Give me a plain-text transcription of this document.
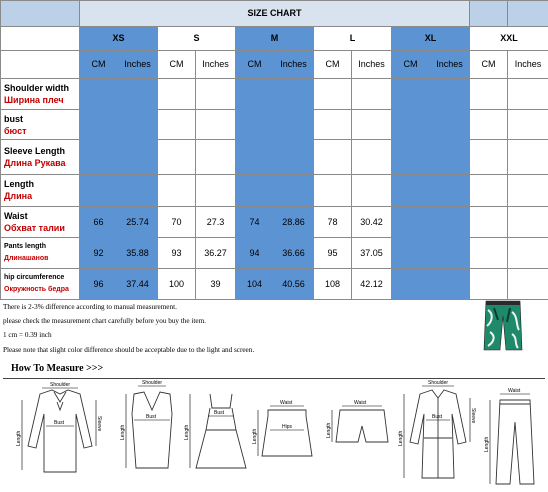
	SIZE CHART											
	XS		S		M		L		XL		XXL	
	CM	Inches	CM	Inches	CM	Inches	CM	Inches	CM	Inches	CM	Inches

Shoulder width
Ширина плеч												

bust
бюст												

Sleeve Length
Длина Рукава												

Length
Длина												

Waist
Обхват талии	66	25.74	70	27.3	74	28.86	78	30.42				

Pants length
Длинашанов	92	35.88	93	36.27	94	36.66	95	37.05				

hip circumference
Окружность бедра	96	37.44	100	39	104	40.56	108	42.12				
There is 2-3% difference according to manual measurement.
please check the measurement chart carefully before you buy the item.
1 cm = 0.39 inch
Please note that slight color difference should be acceptable due to the light and screen.
How To Measure >>>
Shoulder
Bust
Length
Sleeve
Shoulder
Bust
Length
Bust
Length
Waist
Hips
Length
Waist
Length
Shoulder
Bust
Length
Sleeve
Waist
Length
